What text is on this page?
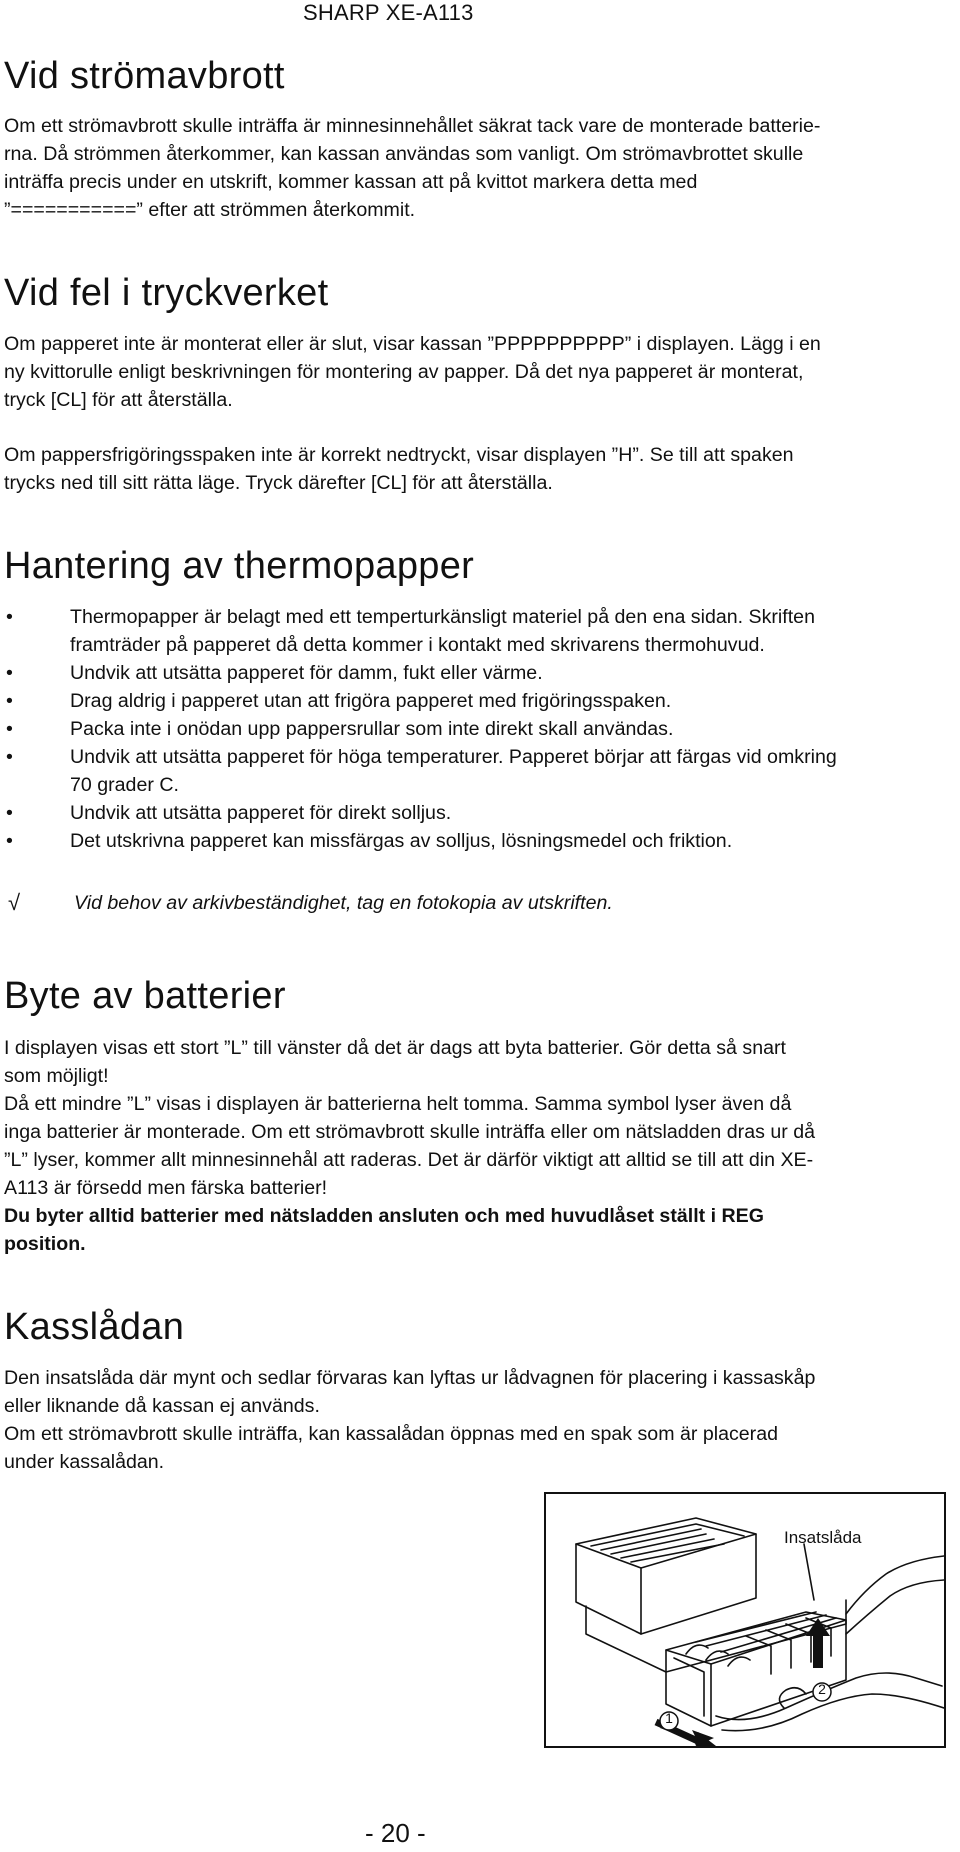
SHARP XE-A113
Vid strömavbrott

Om ett strömavbrott skulle inträffa är minnesinnehållet säkrat tack vare de monterade batterie-
rna. Då strömmen återkommer, kan kassan användas som vanligt. Om strömavbrottet skulle
inträffa precis under en utskrift, kommer kassan att på kvittot markera detta med
”===========” efter att strömmen återkommit.

Vid fel i tryckverket

Om papperet inte är monterat eller är slut, visar kassan ”PPPPPPPPPP” i displayen. Lägg i en
ny kvittorulle enligt beskrivningen för montering av papper. Då det nya papperet är monterat,
tryck [CL] för att återställa.

Om pappersfrigöringsspaken inte är korrekt nedtryckt, visar displayen ”H”. Se till att spaken
trycks ned till sitt rätta läge. Tryck därefter [CL] för att återställa.

Hantering av thermopapper
•	Thermopapper är belagt med ett temperturkänsligt materiel på den ena sidan. Skriften
framträder på papperet då detta kommer i kontakt med skrivarens thermohuvud.
•	Undvik att utsätta papperet för damm, fukt eller värme.
•	Drag aldrig i papperet utan att frigöra papperet med frigöringsspaken.
•	Packa inte i onödan upp pappersrullar som inte direkt skall användas.
•	Undvik att utsätta papperet för höga temperaturer. Papperet börjar att färgas vid omkring
70 grader C.
•	Undvik att utsätta papperet för direkt solljus.
•	Det utskrivna papperet kan missfärgas av solljus, lösningsmedel och friktion.
√	Vid behov av arkivbeständighet, tag en fotokopia av utskriften.
Byte av batterier

I displayen visas ett stort ”L” till vänster då det är dags att byta batterier. Gör detta så snart
som möjligt!
Då ett mindre ”L” visas i displayen är batterierna helt tomma. Samma symbol lyser även då
inga batterier är monterade. Om ett strömavbrott skulle inträffa eller om nätsladden dras ur då
”L” lyser, kommer allt minnesinnehål att raderas. Det är därför viktigt att alltid se till att din XE-
A113 är försedd men färska batterier!

Du byter alltid batterier med nätsladden ansluten och med huvudlåset ställt i REG
position.

Kasslådan

Den insatslåda där mynt och sedlar förvaras kan lyftas ur lådvagnen för placering i kassaskåp
eller liknande då kassan ej används.
Om ett strömavbrott skulle inträffa, kan kassalådan öppnas med en spak som är placerad
under kassalådan.

Insatslåda
1
2
- 20 -
